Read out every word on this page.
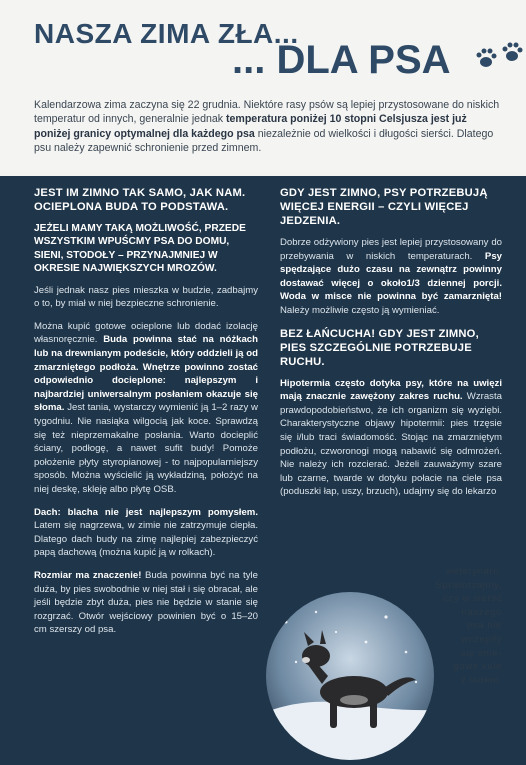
NASZA ZIMA ZŁA...
... DLA PSA

Kalendarzowa zima zaczyna się 22 grudnia. Niektóre rasy psów są lepiej przystosowane do niskich temperatur od innych, generalnie jednak temperatura poniżej 10 stopni Celsjusza jest już poniżej granicy optymalnej dla każdego psa niezależnie od wielkości i długości sierści. Dlatego psu należy zapewnić schronienie przed zimnem.

JEST IM ZIMNO TAK SAMO, JAK NAM. OCIEPLONA BUDA TO PODSTAWA.
JEŻELI MAMY TAKĄ MOŻLIWOŚĆ, PRZEDE WSZYSTKIM WPUŚCMY PSA DO DOMU, SIENI, STODOŁY – PRZYNAJMNIEJ W OKRESIE NAJWIĘKSZYCH MROZÓW.

Jeśli jednak nasz pies mieszka w budzie, zadbajmy o to, by miał w niej bezpieczne schronienie.

Można kupić gotowe ocieplone lub dodać izolację własnoręcznie. Buda powinna stać na nóżkach lub na drewnianym podeście, który oddzieli ją od zmarzniętego podłoża. Wnętrze powinno zostać odpowiednio docieplone: najlepszym i najbardziej uniwersalnym posłaniem okazuje się słoma. Jest tania, wystarczy wymienić ją 1–2 razy w tygodniu. Nie nasiąka wilgocią jak koce. Sprawdzą się też nieprzemakalne posłania. Warto docieplić ściany, podłogę, a nawet sufit budy! Pomoże położenie płyty styropianowej - to najpopularniejszy sposób. Można wyścielić ją wykładziną, położyć na niej deskę, skleję albo płytę OSB.

Dach: blacha nie jest najlepszym pomysłem. Latem się nagrzewa, w zimie nie zatrzymuje ciepła. Dlatego dach budy na zimę najlepiej zabezpieczyć papą dachową (można kupić ją w rolkach).

Rozmiar ma znaczenie! Buda powinna być na tyle duża, by pies swobodnie w niej stał i się obracał, ale jeśli będzie zbyt duża, pies nie będzie w stanie się rozgrzać. Otwór wejściowy powinien być o 15–20 cm szerszy od psa.

GDY JEST ZIMNO, PSY POTRZEBUJĄ WIĘCEJ ENERGII – CZYLI WIĘCEJ JEDZENIA.

Dobrze odżywiony pies jest lepiej przystosowany do przebywania w niskich temperaturach. Psy spędzające dużo czasu na zewnątrz powinny dostawać więcej o około1/3 dziennej porcji. Woda w misce nie powinna być zamarznięta! Należy możliwie często ją wymieniać.

BEZ ŁAŃCUCHA! GDY JEST ZIMNO, PIES SZCZEGÓLNIE POTRZEBUJE RUCHU.

Hipotermia często dotyka psy, które na uwięzi mają znacznie zawężony zakres ruchu. Wzrasta prawdopodobieństwo, że ich organizm się wyziębi. Charakterystyczne objawy hipotermii: pies trzęsie się i/lub traci świadomość. Stojąc na zmarzniętym podłożu, czworonogi mogą nabawić się odmrożeń. Nie należy ich rozcierać. Jeżeli zauważymy szare lub czarne, twarde w dotyku połacie na ciele psa (poduszki łap, uszy, brzuch), udajmy się do lekarzo

weterynarii.
Sprawdzajmy,
czy w sierść
naszego
psa nie
wczepiły
się śnie-
gowe kule
z lodem.
